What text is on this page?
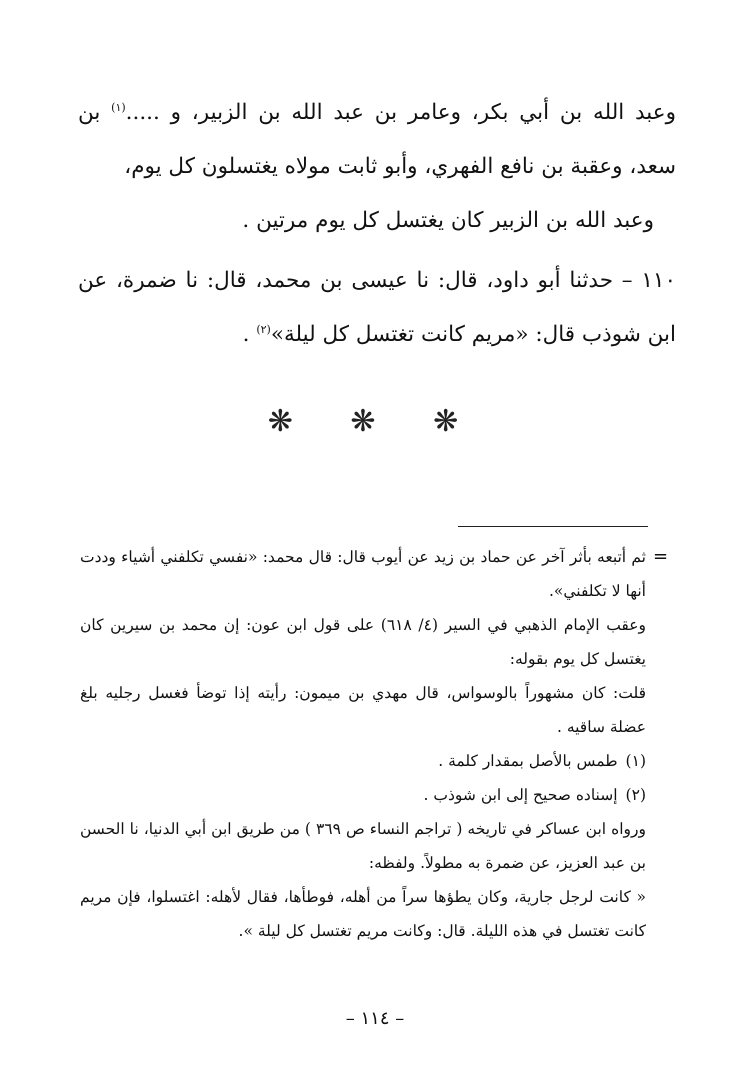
وعبد الله بن أبي بكر، وعامر بن عبد الله بن الزبير، و .....$^{(١)}$ بن سعد، وعقبة بن نافع الفهري، وأبو ثابت مولاه يغتسلون كل يوم،

وعبد الله بن الزبير كان يغتسل كل يوم مرتين .

١١٠ – حدثنا أبو داود، قال: نا عيسى بن محمد، قال: نا ضمرة، عن ابن شوذب قال: «مريم كانت تغتسل كل ليلة»$^{(٢)}$ .

❋ ❋ ❋
=

ثم أتبعه بأثر آخر عن حماد بن زيد عن أيوب قال: قال محمد: «نفسي تكلفني أشياء وددت أنها لا تكلفني».

وعقب الإمام الذهبي في السير (٤/ ٦١٨) على قول ابن عون: إن محمد بن سيرين كان يغتسل كل يوم بقوله:

قلت: كان مشهوراً بالوسواس، قال مهدي بن ميمون: رأيته إذا توضأ فغسل رجليه بلغ عضلة ساقيه .

(١)
طمس بالأصل بمقدار كلمة .

(٢)
إسناده صحيح إلى ابن شوذب .

ورواه ابن عساكر في تاريخه ( تراجم النساء ص ٣٦٩ ) من طريق ابن أبي الدنيا، نا الحسن بن عبد العزيز، عن ضمرة به مطولاً. ولفظه:

« كانت لرجل جارية، وكان يطؤها سراً من أهله، فوطأها، فقال لأهله: اغتسلوا، فإن مريم كانت تغتسل في هذه الليلة. قال: وكانت مريم تغتسل كل ليلة ».

– ١١٤ –
